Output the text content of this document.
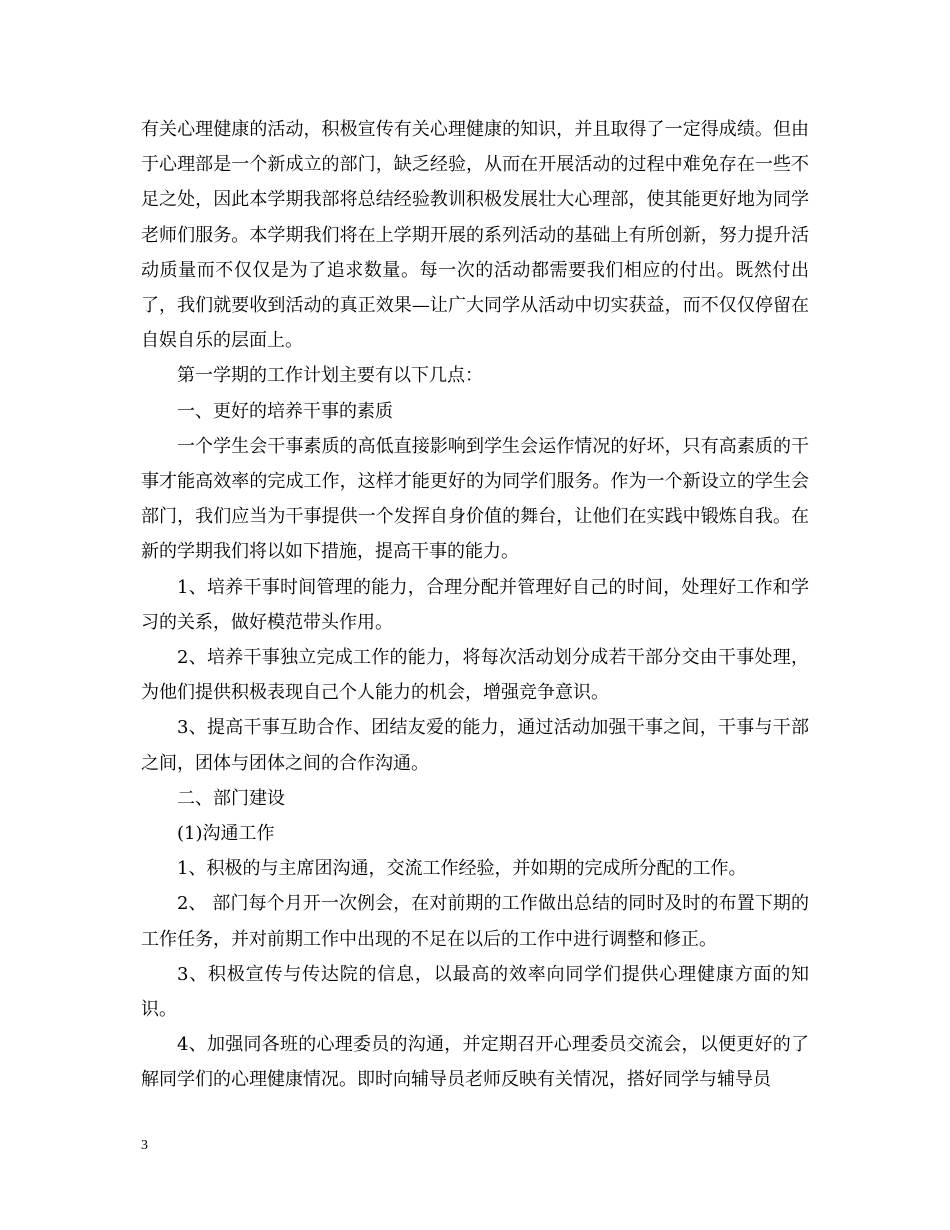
有关心理健康的活动，积极宣传有关心理健康的知识，并且取得了一定得成绩。但由于心理部是一个新成立的部门，缺乏经验，从而在开展活动的过程中难免存在一些不足之处，因此本学期我部将总结经验教训积极发展壮大心理部，使其能更好地为同学老师们服务。本学期我们将在上学期开展的系列活动的基础上有所创新，努力提升活动质量而不仅仅是为了追求数量。每一次的活动都需要我们相应的付出。既然付出了，我们就要收到活动的真正效果—让广大同学从活动中切实获益，而不仅仅停留在自娱自乐的层面上。

第一学期的工作计划主要有以下几点：

一、更好的培养干事的素质

一个学生会干事素质的高低直接影响到学生会运作情况的好坏，只有高素质的干事才能高效率的完成工作，这样才能更好的为同学们服务。作为一个新设立的学生会部门，我们应当为干事提供一个发挥自身价值的舞台，让他们在实践中锻炼自我。在新的学期我们将以如下措施，提高干事的能力。

1、培养干事时间管理的能力，合理分配并管理好自己的时间，处理好工作和学习的关系，做好模范带头作用。

2、培养干事独立完成工作的能力，将每次活动划分成若干部分交由干事处理，为他们提供积极表现自己个人能力的机会，增强竞争意识。

3、提高干事互助合作、团结友爱的能力，通过活动加强干事之间，干事与干部之间，团体与团体之间的合作沟通。

二、部门建设

(1)沟通工作

1、积极的与主席团沟通，交流工作经验，并如期的完成所分配的工作。

2、 部门每个月开一次例会，在对前期的工作做出总结的同时及时的布置下期的工作任务，并对前期工作中出现的不足在以后的工作中进行调整和修正。

3、积极宣传与传达院的信息，以最高的效率向同学们提供心理健康方面的知识。

4、加强同各班的心理委员的沟通，并定期召开心理委员交流会，以便更好的了解同学们的心理健康情况。即时向辅导员老师反映有关情况，搭好同学与辅导员

3
